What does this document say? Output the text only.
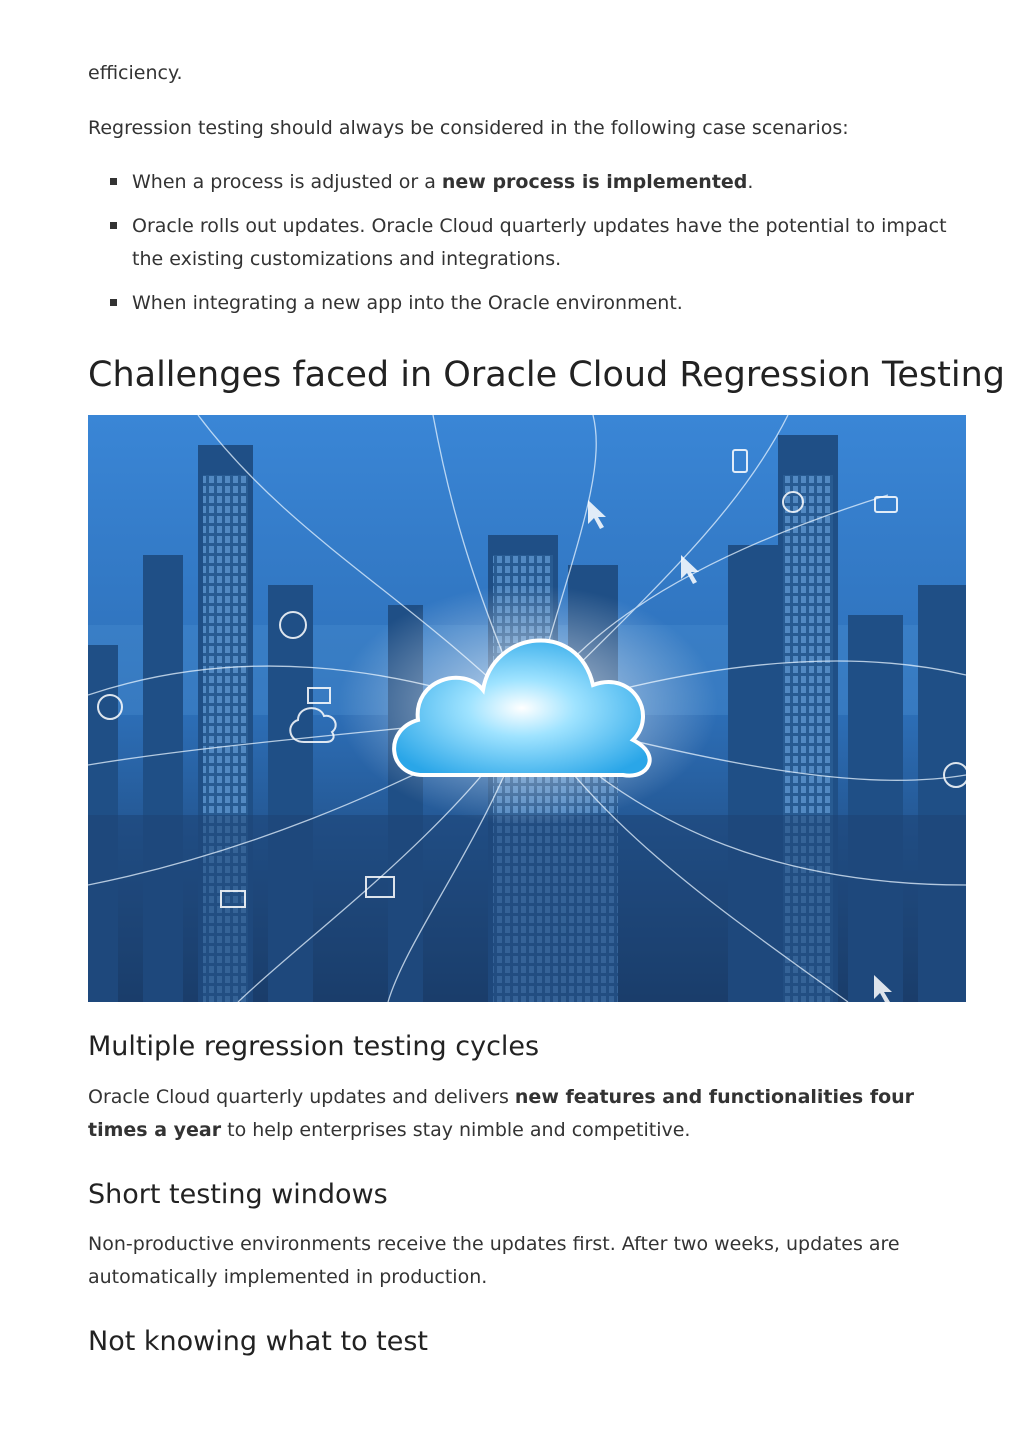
efficiency.

Regression testing should always be considered in the following case scenarios:

When a process is adjusted or a new process is implemented.
Oracle rolls out updates. Oracle Cloud quarterly updates have the potential to impact the existing customizations and integrations.
When integrating a new app into the Oracle environment.
Challenges faced in Oracle Cloud Regression Testing
Multiple regression testing cycles

Oracle Cloud quarterly updates and delivers new features and functionalities four times a year to help enterprises stay nimble and competitive.

Short testing windows

Non-productive environments receive the updates first. After two weeks, updates are automatically implemented in production.

Not knowing what to test
